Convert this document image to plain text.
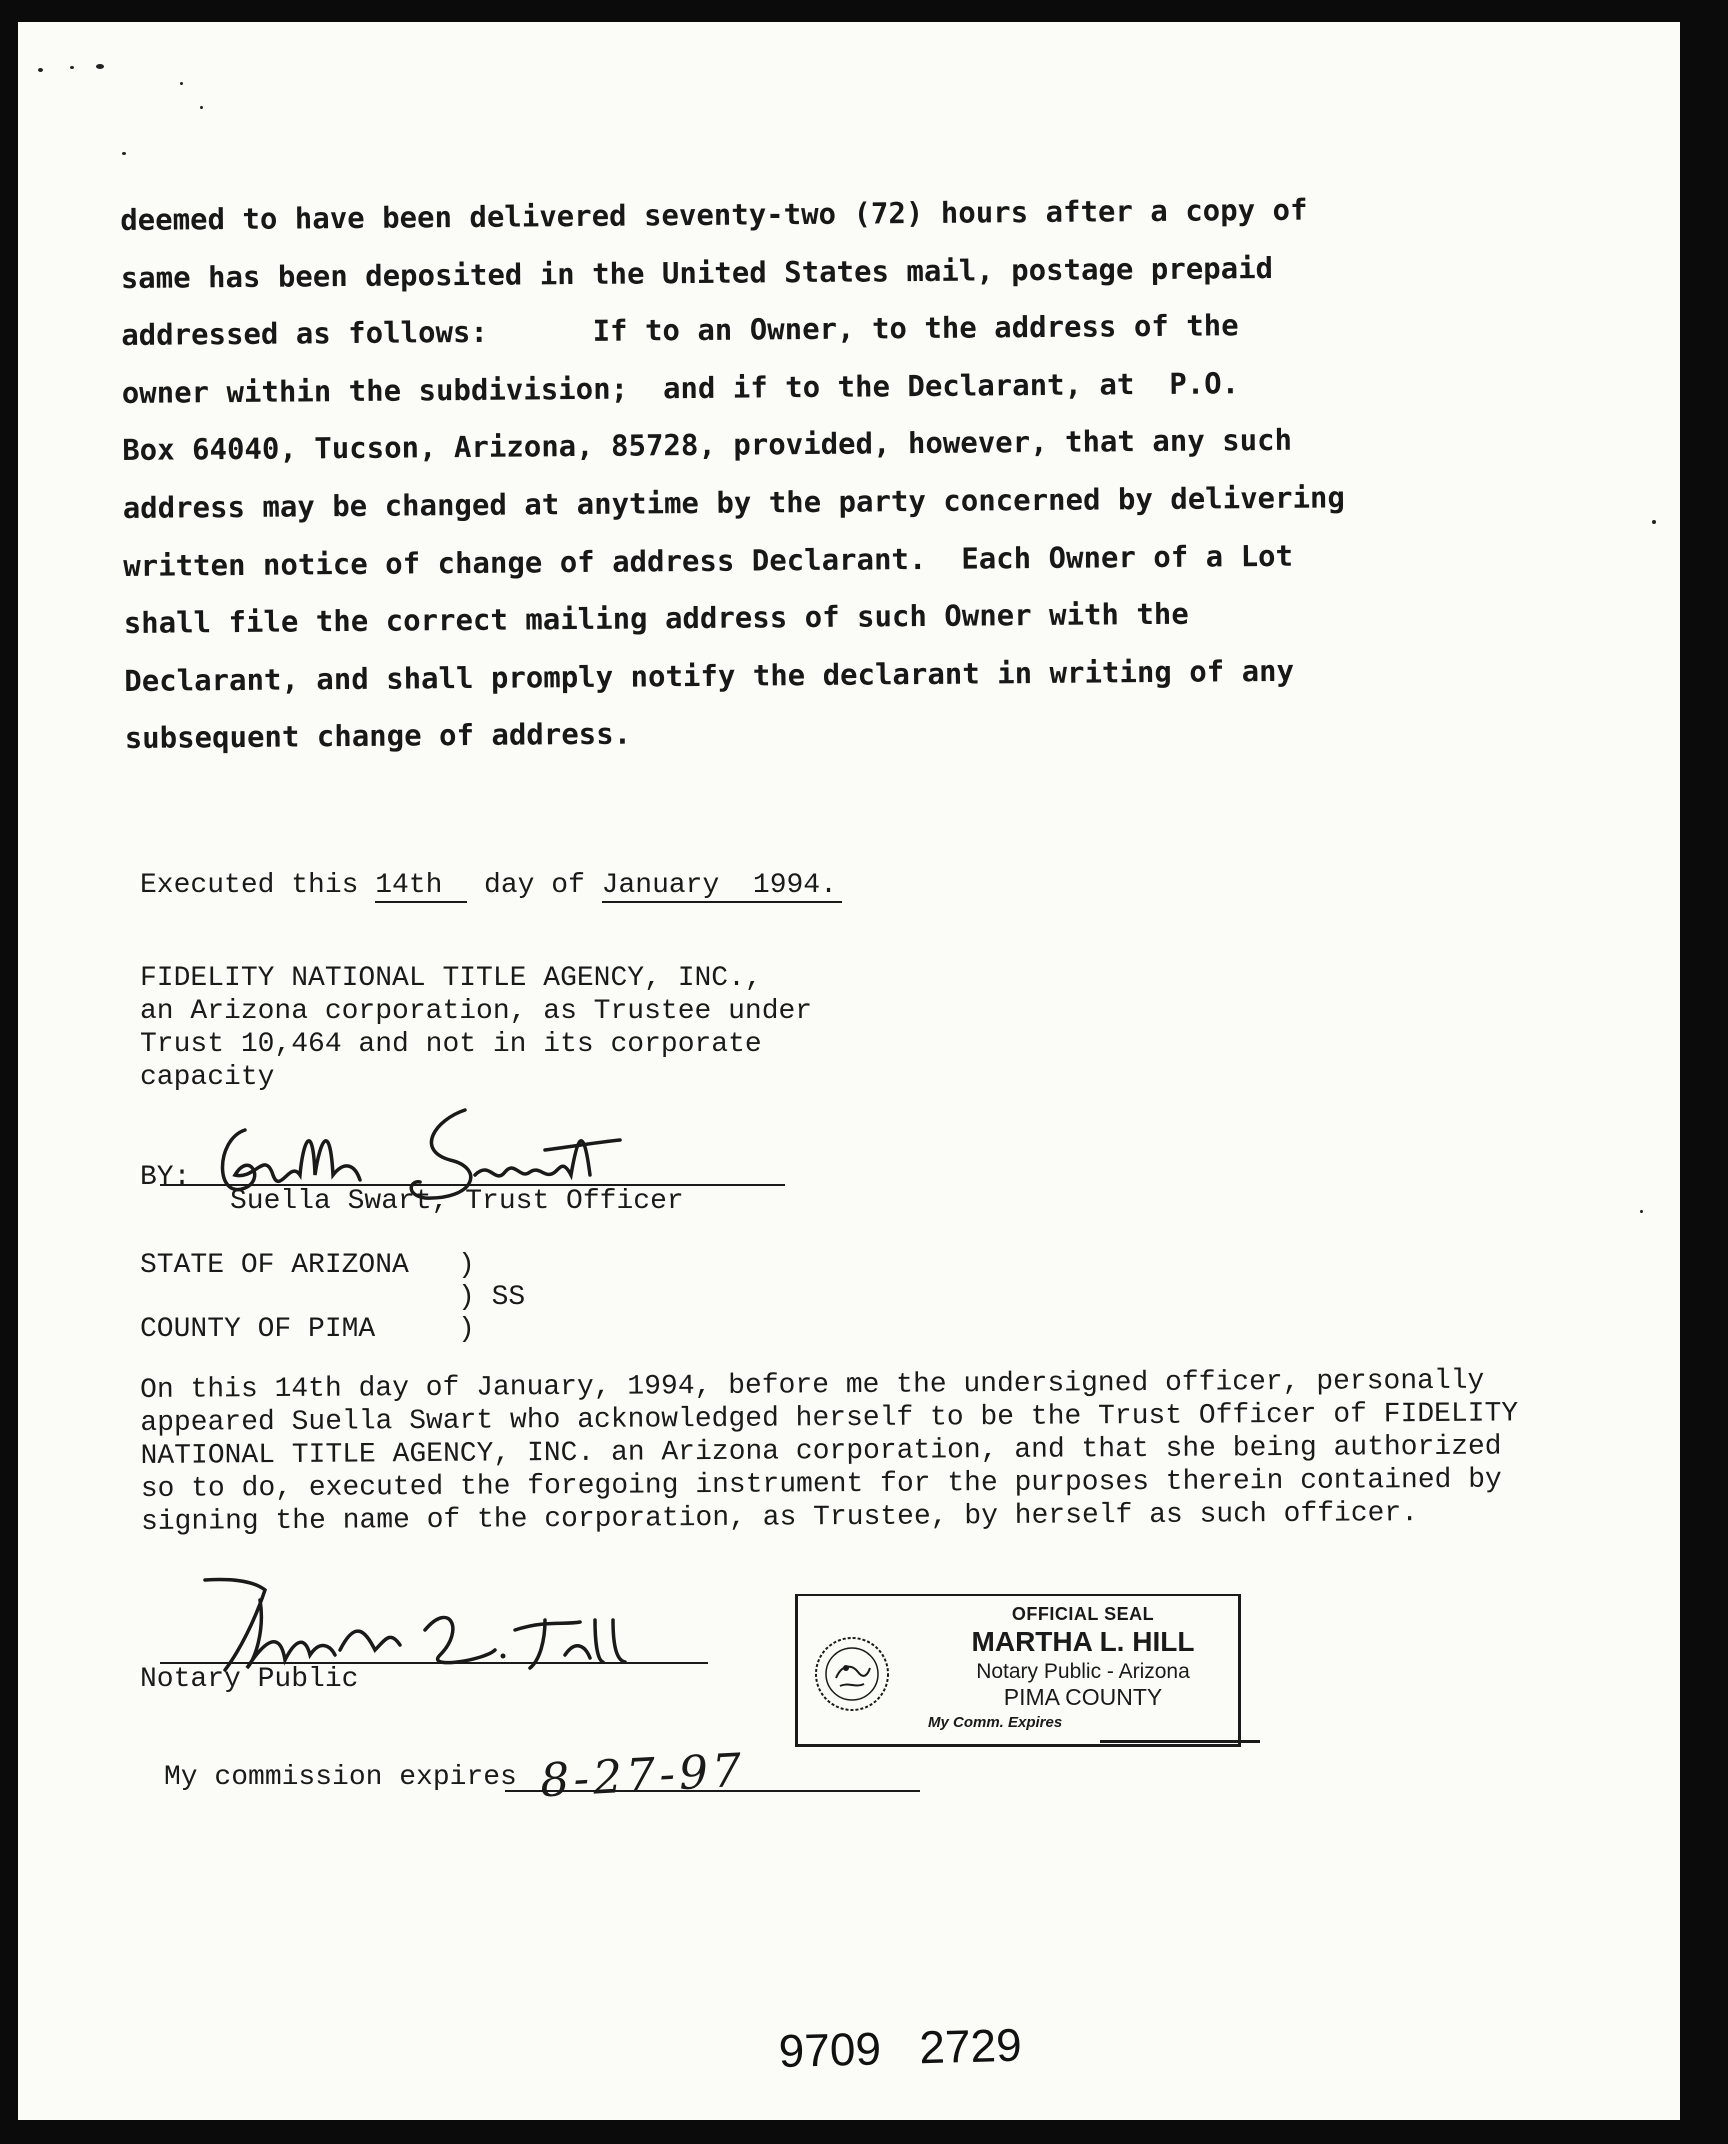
deemed to have been delivered seventy-two (72) hours after a copy of
same has been deposited in the United States mail, postage prepaid
addressed as follows:      If to an Owner, to the address of the
owner within the subdivision;  and if to the Declarant, at  P.O.
Box 64040, Tucson, Arizona, 85728, provided, however, that any such
address may be changed at anytime by the party concerned by delivering
written notice of change of address Declarant.  Each Owner of a Lot
shall file the correct mailing address of such Owner with the
Declarant, and shall promply notify the declarant in writing of any
subsequent change of address.
Executed this 14th day of January  1994.
FIDELITY NATIONAL TITLE AGENCY, INC.,
an Arizona corporation, as Trustee under
Trust 10,464 and not in its corporate
capacity
BY:
Suella Swart, Trust Officer
STATE OF ARIZONA )
) SS
COUNTY OF PIMA	)
On this 14th day of January, 1994, before me the undersigned officer, personally
appeared Suella Swart who acknowledged herself to be the Trust Officer of FIDELITY
NATIONAL TITLE AGENCY, INC. an Arizona corporation, and that she being authorized
so to do, executed the foregoing instrument for the purposes therein contained by
signing the name of the corporation, as Trustee, by herself as such officer.
Notary Public
OFFICIAL SEAL
MARTHA L. HILL
Notary Public - Arizona
PIMA COUNTY
My Comm. Expires
My commission expires 8-27-97
9709   2729
